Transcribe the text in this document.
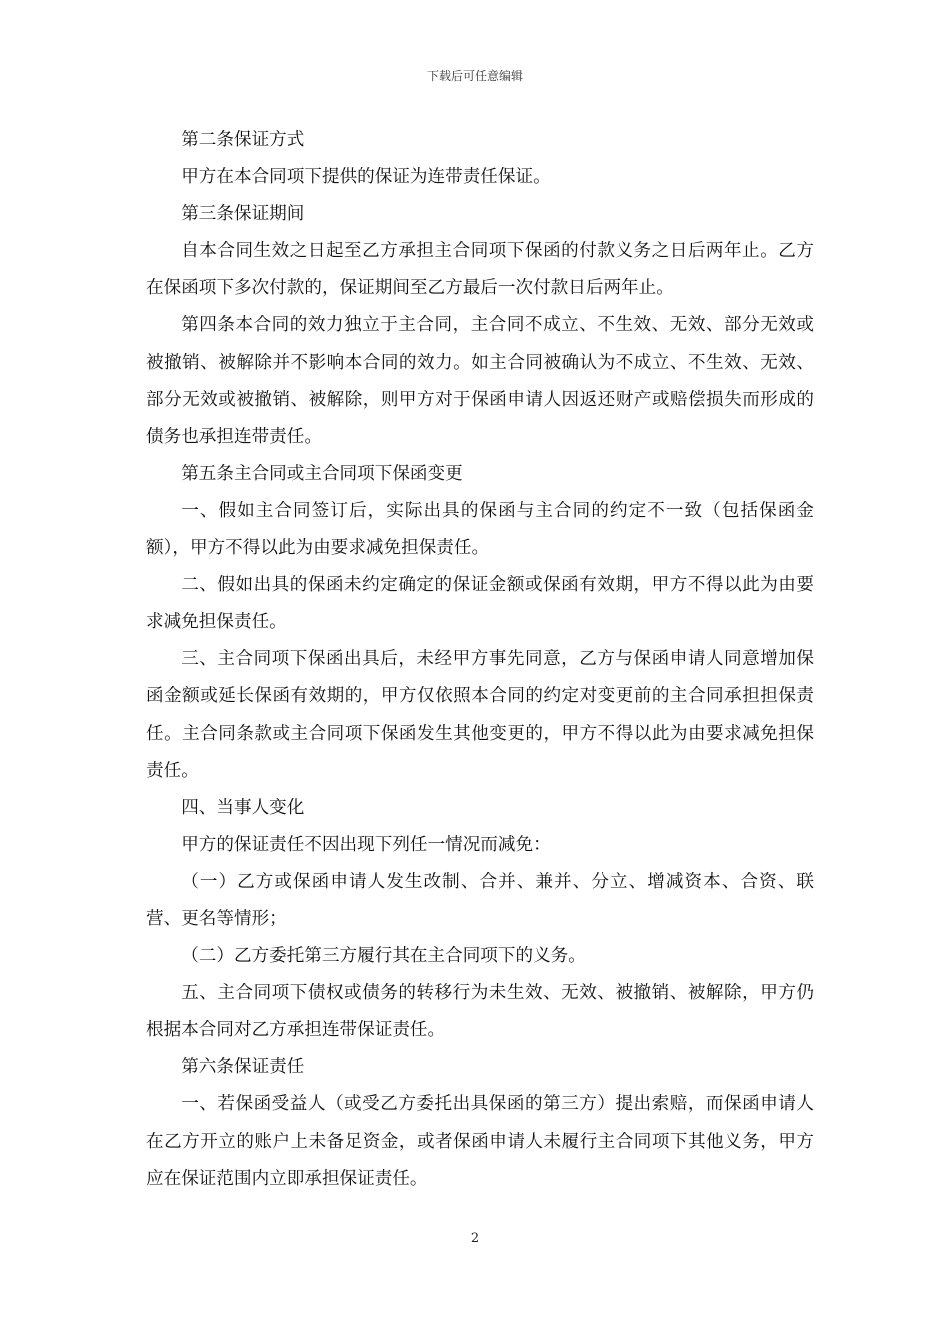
下载后可任意编辑

第二条保证方式

甲方在本合同项下提供的保证为连带责任保证。

第三条保证期间

自本合同生效之日起至乙方承担主合同项下保函的付款义务之日后两年止。乙方在保函项下多次付款的，保证期间至乙方最后一次付款日后两年止。

第四条本合同的效力独立于主合同，主合同不成立、不生效、无效、部分无效或被撤销、被解除并不影响本合同的效力。如主合同被确认为不成立、不生效、无效、部分无效或被撤销、被解除，则甲方对于保函申请人因返还财产或赔偿损失而形成的债务也承担连带责任。

第五条主合同或主合同项下保函变更

一、假如主合同签订后，实际出具的保函与主合同的约定不一致（包括保函金额），甲方不得以此为由要求减免担保责任。

二、假如出具的保函未约定确定的保证金额或保函有效期，甲方不得以此为由要求减免担保责任。

三、主合同项下保函出具后，未经甲方事先同意，乙方与保函申请人同意增加保函金额或延长保函有效期的，甲方仅依照本合同的约定对变更前的主合同承担担保责任。主合同条款或主合同项下保函发生其他变更的，甲方不得以此为由要求减免担保责任。

四、当事人变化

甲方的保证责任不因出现下列任一情况而减免：

（一）乙方或保函申请人发生改制、合并、兼并、分立、增减资本、合资、联营、更名等情形；

（二）乙方委托第三方履行其在主合同项下的义务。

五、主合同项下债权或债务的转移行为未生效、无效、被撤销、被解除，甲方仍根据本合同对乙方承担连带保证责任。

第六条保证责任

一、若保函受益人（或受乙方委托出具保函的第三方）提出索赔，而保函申请人在乙方开立的账户上未备足资金，或者保函申请人未履行主合同项下其他义务，甲方应在保证范围内立即承担保证责任。

2
